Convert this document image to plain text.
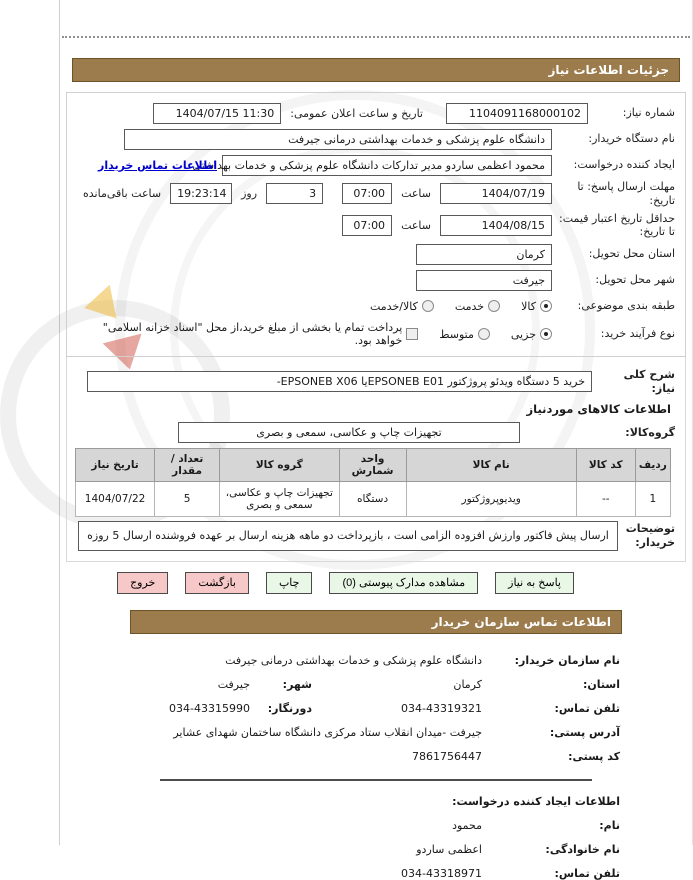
جزئیات اطلاعات نیاز
شماره نیاز:
1104091168000102
تاریخ و ساعت اعلان عمومی:
1404/07/15 11:30
نام دستگاه خریدار:
دانشگاه علوم پزشکی و خدمات بهداشتی درمانی جیرفت
ایجاد کننده درخواست:
محمود اعظمی ساردو مدیر تدارکات دانشگاه علوم پزشکی و خدمات بهداشتی
اطلاعات تماس خریدار
مهلت ارسال پاسخ: تا تاریخ:
1404/07/19
ساعت
07:00
3
روز
19:23:14
ساعت باقی‌مانده
حداقل تاریخ اعتبار قیمت: تا تاریخ:
1404/08/15
ساعت
07:00
استان محل تحویل:
کرمان
شهر محل تحویل:
جیرفت
طبقه بندی موضوعی:
کالا
خدمت
کالا/خدمت
نوع فرآیند خرید:
جزیی
متوسط
پرداخت تمام یا بخشی از مبلغ خرید،از محل "اسناد خزانه اسلامی" خواهد بود.
شرح کلی نیاز:
خرید 5 دستگاه ویدئو پروژکتور EPSONEB E01یا EPSONEB X06-
اطلاعات کالاهای موردنیاز
گروه‌کالا:
تجهیزات چاپ و عکاسی، سمعی و بصری
ردیف	کد کالا	نام کالا	واحد شمارش	گروه کالا	تعداد / مقدار	تاریخ نیاز
1	--	ویدیوپروژکتور	دستگاه	تجهیزات چاپ و عکاسی، سمعی و بصری	5	1404/07/22
توضیحات خریدار:
ارسال پیش فاکتور وارزش افزوده الزامی است ، بازپرداخت دو ماهه هزینه ارسال بر عهده فروشنده ارسال 5 روزه
پاسخ به نیاز
مشاهده مدارک پیوستی (0)
چاپ
بازگشت
خروج
اطلاعات تماس سازمان خریدار
نام سازمان خریدار:
دانشگاه علوم پزشکی و خدمات بهداشتی درمانی جیرفت
استان:
کرمان
شهر:
جیرفت
تلفن تماس:
034-43319321
دورنگار:
034-43315990
آدرس پستی:
جیرفت -میدان انقلاب ستاد مرکزی دانشگاه ساختمان شهدای عشایر
کد پستی:
7861756447
اطلاعات ایجاد کننده درخواست:
نام:
محمود
نام خانوادگی:
اعظمی ساردو
تلفن تماس:
034-43318971
